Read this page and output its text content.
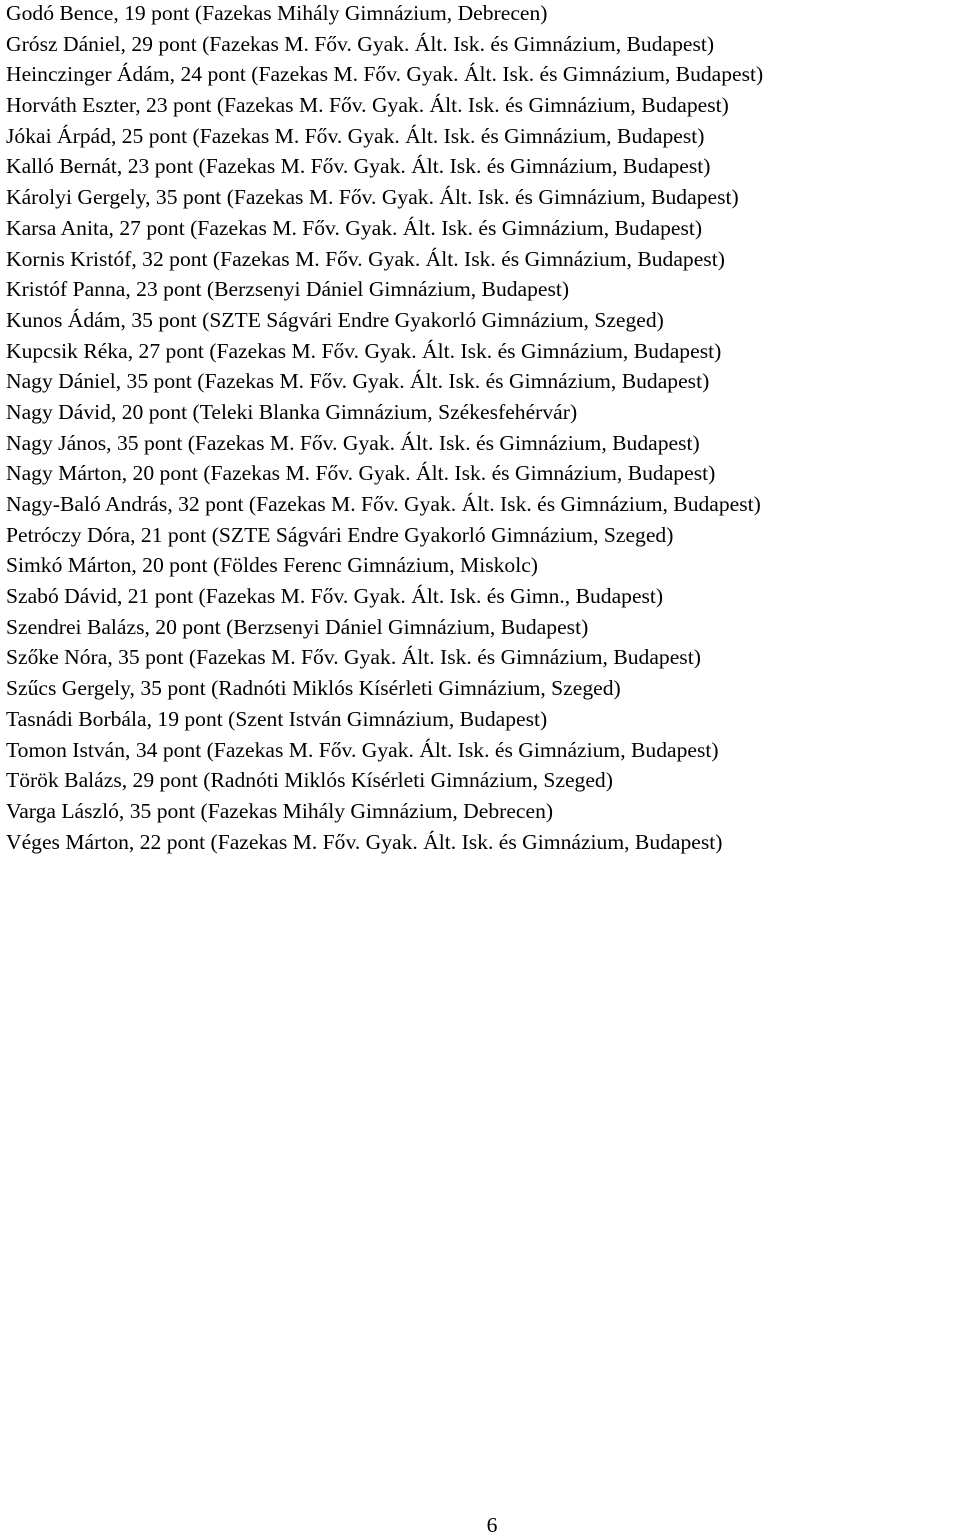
Godó Bence, 19 pont (Fazekas Mihály Gimnázium, Debrecen)
Grósz Dániel, 29 pont (Fazekas M. Főv. Gyak. Ált. Isk. és Gimnázium, Budapest)
Heinczinger Ádám, 24 pont (Fazekas M. Főv. Gyak. Ált. Isk. és Gimnázium, Budapest)
Horváth Eszter, 23 pont (Fazekas M. Főv. Gyak. Ált. Isk. és Gimnázium, Budapest)
Jókai Árpád, 25 pont (Fazekas M. Főv. Gyak. Ált. Isk. és Gimnázium, Budapest)
Kalló Bernát, 23 pont (Fazekas M. Főv. Gyak. Ált. Isk. és Gimnázium, Budapest)
Károlyi Gergely, 35 pont (Fazekas M. Főv. Gyak. Ált. Isk. és Gimnázium, Budapest)
Karsa Anita, 27 pont (Fazekas M. Főv. Gyak. Ált. Isk. és Gimnázium, Budapest)
Kornis Kristóf, 32 pont (Fazekas M. Főv. Gyak. Ált. Isk. és Gimnázium, Budapest)
Kristóf Panna, 23 pont (Berzsenyi Dániel Gimnázium, Budapest)
Kunos Ádám, 35 pont (SZTE Ságvári Endre Gyakorló Gimnázium, Szeged)
Kupcsik Réka, 27 pont (Fazekas M. Főv. Gyak. Ált. Isk. és Gimnázium, Budapest)
Nagy Dániel, 35 pont (Fazekas M. Főv. Gyak. Ált. Isk. és Gimnázium, Budapest)
Nagy Dávid, 20 pont (Teleki Blanka Gimnázium, Székesfehérvár)
Nagy János, 35 pont (Fazekas M. Főv. Gyak. Ált. Isk. és Gimnázium, Budapest)
Nagy Márton, 20 pont (Fazekas M. Főv. Gyak. Ált. Isk. és Gimnázium, Budapest)
Nagy-Baló András, 32 pont (Fazekas M. Főv. Gyak. Ált. Isk. és Gimnázium, Budapest)
Petróczy Dóra, 21 pont (SZTE Ságvári Endre Gyakorló Gimnázium, Szeged)
Simkó Márton, 20 pont (Földes Ferenc Gimnázium, Miskolc)
Szabó Dávid, 21 pont (Fazekas M. Főv. Gyak. Ált. Isk. és Gimn., Budapest)
Szendrei Balázs, 20 pont (Berzsenyi Dániel Gimnázium, Budapest)
Szőke Nóra, 35 pont (Fazekas M. Főv. Gyak. Ált. Isk. és Gimnázium, Budapest)
Szűcs Gergely, 35 pont (Radnóti Miklós Kísérleti Gimnázium, Szeged)
Tasnádi Borbála, 19 pont (Szent István Gimnázium, Budapest)
Tomon István, 34 pont (Fazekas M. Főv. Gyak. Ált. Isk. és Gimnázium, Budapest)
Török Balázs, 29 pont (Radnóti Miklós Kísérleti Gimnázium, Szeged)
Varga László, 35 pont (Fazekas Mihály Gimnázium, Debrecen)
Véges Márton, 22 pont (Fazekas M. Főv. Gyak. Ált. Isk. és Gimnázium, Budapest)
6
